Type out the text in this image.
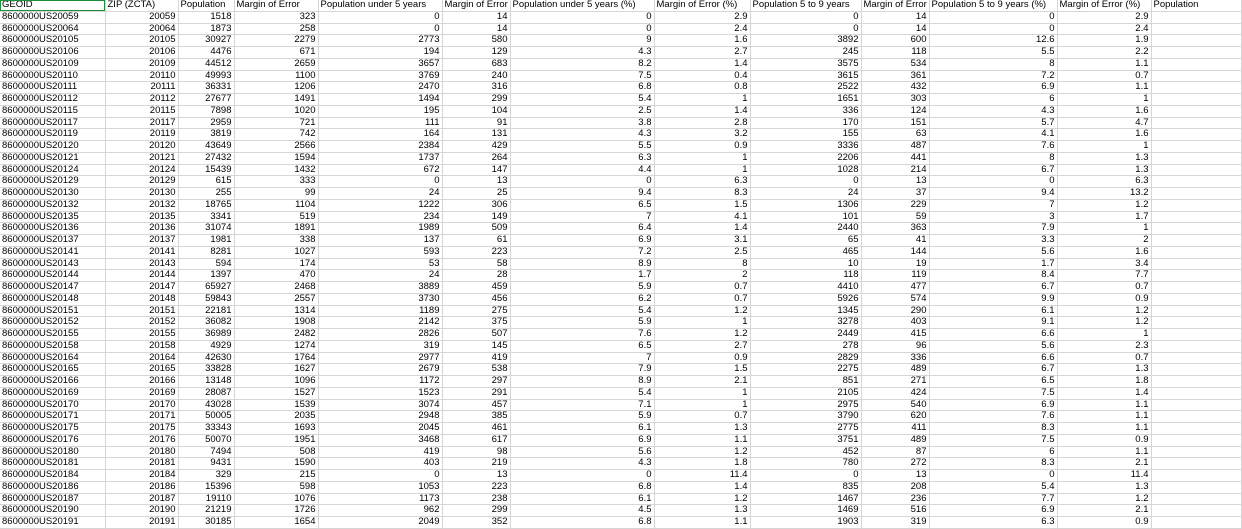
GEOID	ZIP (ZCTA)	Population	Margin of Error	Population under 5 years	Margin of Error	Population under 5 years (%)	Margin of Error (%)	Population 5 to 9 years	Margin of Error	Population 5 to 9 years (%)	Margin of Error (%)	Population
8600000US20059	20059	1518	323	0	14	0	2.9	0	14	0	2.9	
8600000US20064	20064	1873	258	0	14	0	2.4	0	14	0	2.4	
8600000US20105	20105	30927	2279	2773	580	9	1.6	3892	600	12.6	1.9	
8600000US20106	20106	4476	671	194	129	4.3	2.7	245	118	5.5	2.2	
8600000US20109	20109	44512	2659	3657	683	8.2	1.4	3575	534	8	1.1	
8600000US20110	20110	49993	1100	3769	240	7.5	0.4	3615	361	7.2	0.7	
8600000US20111	20111	36331	1206	2470	316	6.8	0.8	2522	432	6.9	1.1	
8600000US20112	20112	27677	1491	1494	299	5.4	1	1651	303	6	1	
8600000US20115	20115	7898	1020	195	104	2.5	1.4	336	124	4.3	1.6	
8600000US20117	20117	2959	721	111	91	3.8	2.8	170	151	5.7	4.7	
8600000US20119	20119	3819	742	164	131	4.3	3.2	155	63	4.1	1.6	
8600000US20120	20120	43649	2566	2384	429	5.5	0.9	3336	487	7.6	1	
8600000US20121	20121	27432	1594	1737	264	6.3	1	2206	441	8	1.3	
8600000US20124	20124	15439	1432	672	147	4.4	1	1028	214	6.7	1.3	
8600000US20129	20129	615	333	0	13	0	6.3	0	13	0	6.3	
8600000US20130	20130	255	99	24	25	9.4	8.3	24	37	9.4	13.2	
8600000US20132	20132	18765	1104	1222	306	6.5	1.5	1306	229	7	1.2	
8600000US20135	20135	3341	519	234	149	7	4.1	101	59	3	1.7	
8600000US20136	20136	31074	1891	1989	509	6.4	1.4	2440	363	7.9	1	
8600000US20137	20137	1981	338	137	61	6.9	3.1	65	41	3.3	2	
8600000US20141	20141	8281	1027	593	223	7.2	2.5	465	144	5.6	1.6	
8600000US20143	20143	594	174	53	58	8.9	8	10	19	1.7	3.4	
8600000US20144	20144	1397	470	24	28	1.7	2	118	119	8.4	7.7	
8600000US20147	20147	65927	2468	3889	459	5.9	0.7	4410	477	6.7	0.7	
8600000US20148	20148	59843	2557	3730	456	6.2	0.7	5926	574	9.9	0.9	
8600000US20151	20151	22181	1314	1189	275	5.4	1.2	1345	290	6.1	1.2	
8600000US20152	20152	36082	1908	2142	375	5.9	1	3278	403	9.1	1.2	
8600000US20155	20155	36989	2482	2826	507	7.6	1.2	2449	415	6.6	1	
8600000US20158	20158	4929	1274	319	145	6.5	2.7	278	96	5.6	2.3	
8600000US20164	20164	42630	1764	2977	419	7	0.9	2829	336	6.6	0.7	
8600000US20165	20165	33828	1627	2679	538	7.9	1.5	2275	489	6.7	1.3	
8600000US20166	20166	13148	1096	1172	297	8.9	2.1	851	271	6.5	1.8	
8600000US20169	20169	28087	1527	1523	291	5.4	1	2105	424	7.5	1.4	
8600000US20170	20170	43028	1539	3074	457	7.1	1	2975	540	6.9	1.1	
8600000US20171	20171	50005	2035	2948	385	5.9	0.7	3790	620	7.6	1.1	
8600000US20175	20175	33343	1693	2045	461	6.1	1.3	2775	411	8.3	1.1	
8600000US20176	20176	50070	1951	3468	617	6.9	1.1	3751	489	7.5	0.9	
8600000US20180	20180	7494	508	419	98	5.6	1.2	452	87	6	1.1	
8600000US20181	20181	9431	1590	403	219	4.3	1.8	780	272	8.3	2.1	
8600000US20184	20184	329	215	0	13	0	11.4	0	13	0	11.4	
8600000US20186	20186	15396	598	1053	223	6.8	1.4	835	208	5.4	1.3	
8600000US20187	20187	19110	1076	1173	238	6.1	1.2	1467	236	7.7	1.2	
8600000US20190	20190	21219	1726	962	299	4.5	1.3	1469	516	6.9	2.1	
8600000US20191	20191	30185	1654	2049	352	6.8	1.1	1903	319	6.3	0.9	
